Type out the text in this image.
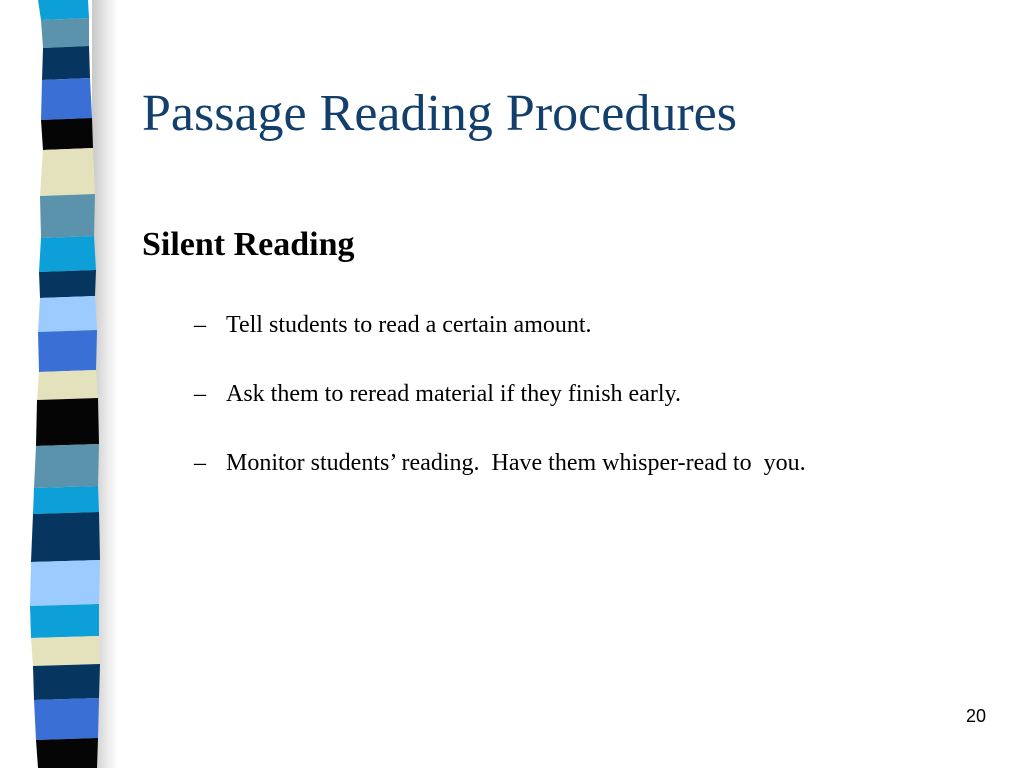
Passage Reading Procedures
Silent Reading
– Tell students to read a certain amount.
– Ask them to reread material if they finish early.
– Monitor students’ reading.  Have them whisper-read to  you.
20
